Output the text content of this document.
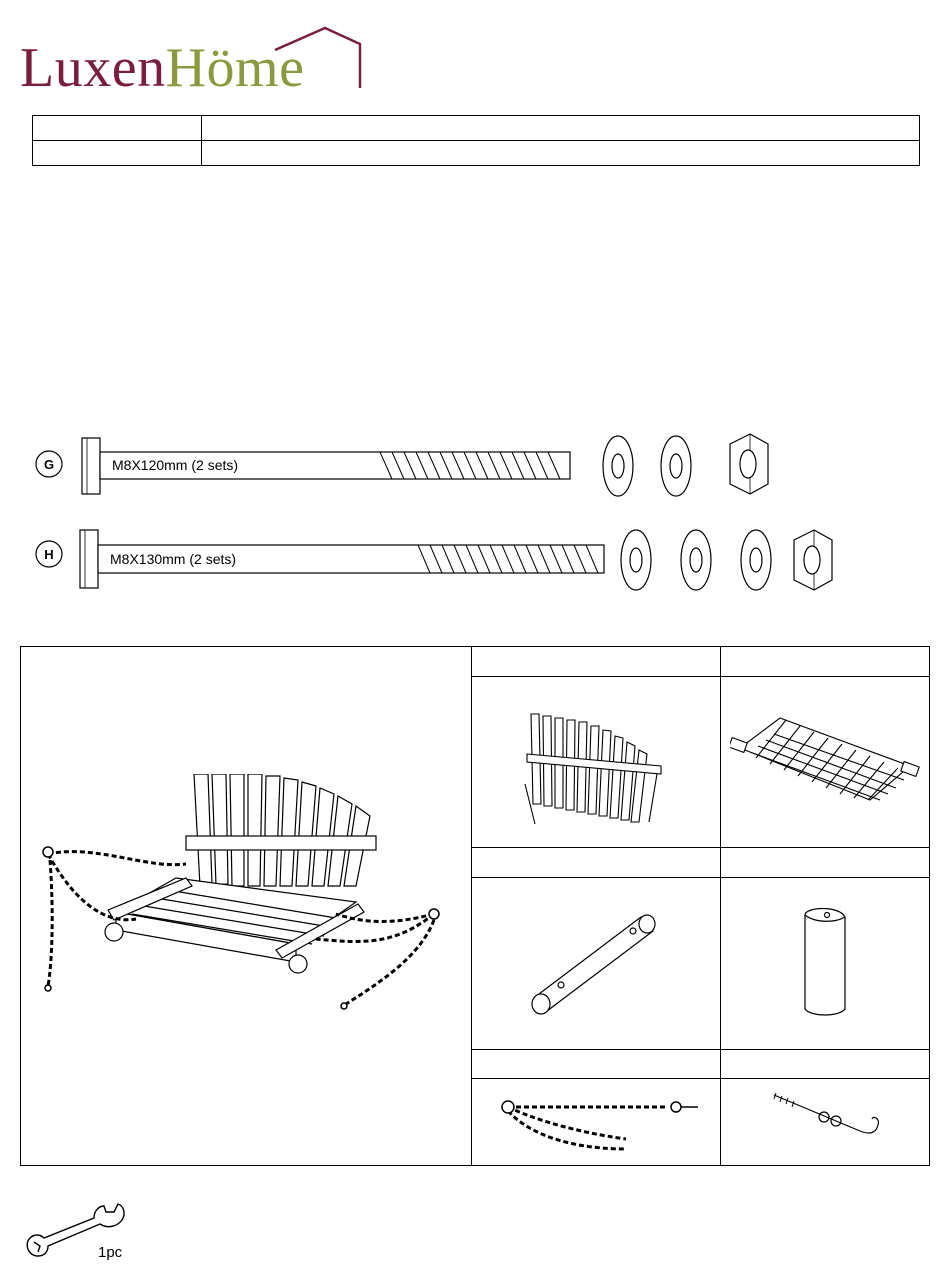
LuxenHöme

G	M8X120mm (2 sets)
H	M8X130mm (2 sets)

1pc
